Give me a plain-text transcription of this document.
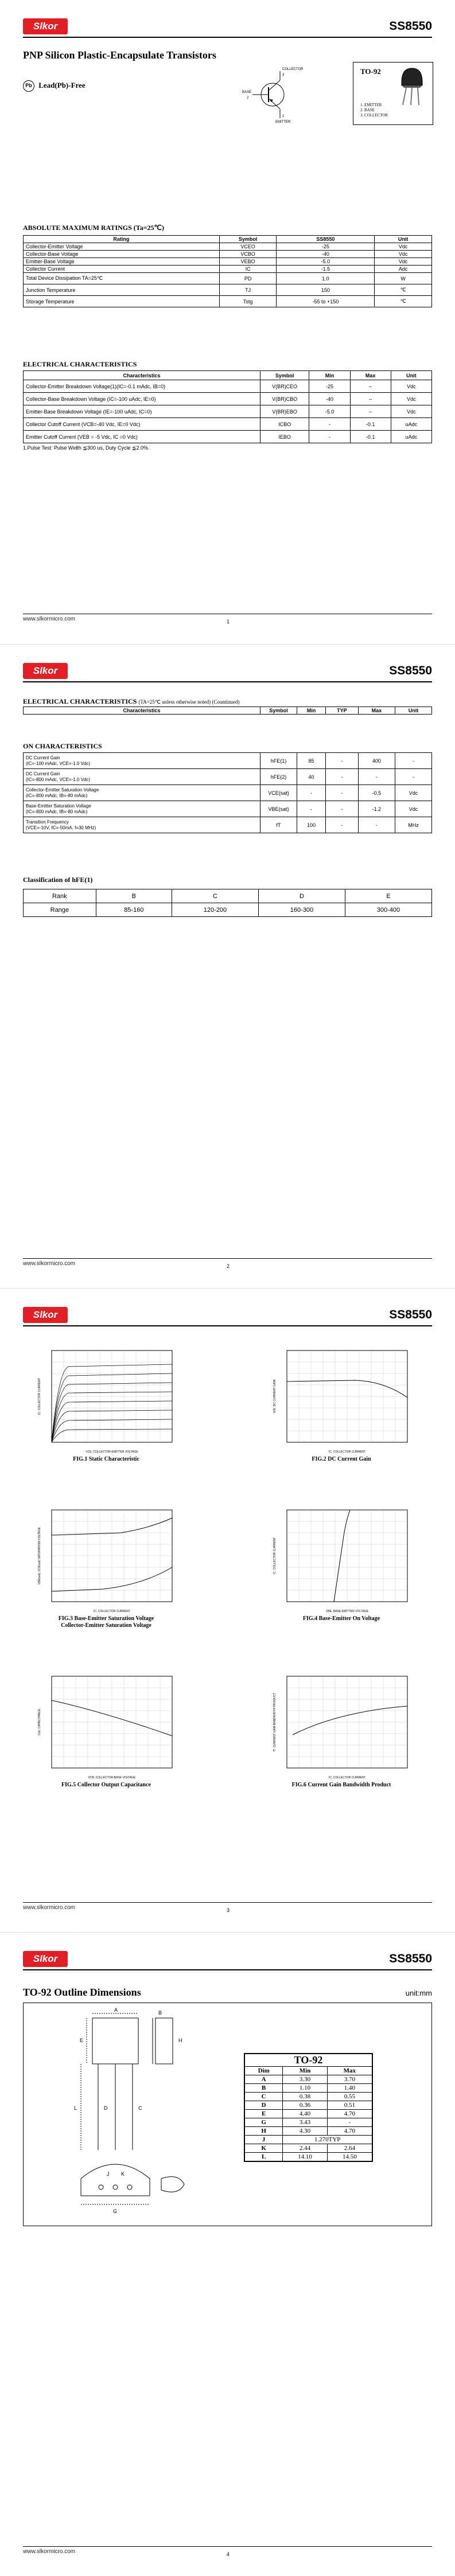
Slkor	SS8550
PNP Silicon Plastic-Encapsulate Transistors
Pb Lead(Pb)-Free
COLLECTOR
3
BASE
2
1
EMITTER
TO-92
1. EMITTER
2. BASE
3. COLLECTOR
ABSOLUTE MAXIMUM RATINGS (Ta=25℃)
Rating	Symbol	SS8550	Unit
Collector-Emitter Voltage	VCEO	-25	Vdc
Collector-Base Voltage	VCBO	-40	Vdc
Emitter-Base Voltage	VEBO	-5.0	Vdc
Collector Current	IC	-1.5	Adc
Total Device Dissipation TA=25℃	PD	1.0	W
Junction Temperature	TJ	150	℃
Storage Temperature	Tstg	-55 to +150	℃
ELECTRICAL CHARACTERISTICS
Characteristics	Symbol	Min	Max	Unit
Collector-Emitter Breakdown Voltage(1)(IC=-0.1 mAdc, IB=0)	V(BR)CEO	-25	--	Vdc
Collector-Base Breakdown Voltage (IC=-100 uAdc, IE=0)	V(BR)CBO	-40	--	Vdc
Emitter-Base Breakdown Voltage (IE=-100 uAdc, IC=0)	V(BR)EBO	-5.0	--	Vdc
Collector Cutoff Current (VCB=-40 Vdc, IE=0 Vdc)	ICBO	-	-0.1	uAdc
Emitter Cutoff Current (VEB = -5 Vdc, IC =0 Vdc)	IEBO	-	-0.1	uAdc
1.Pulse Test: Pulse Width ≦300 us, Duty Cycle ≦2.0%.
www.slkormicro.com	1
Slkor	SS8550
ELECTRICAL CHARACTERISTICS (TA=25℃ unless otherwise noted) (Countinued)
Characteristics	Symbol	Min	TYP	Max	Unit
ON CHARACTERISTICS
DC Current Gain
(IC=-100 mAdc, VCE=-1.0 Vdc)	hFE(1)	85	-	400	-

DC Current Gain
(IC=-800 mAdc, VCE=-1.0 Vdc)	hFE(2)	40	-	-	-

Collector-Emitter Saturation Voltage
(IC=-800 mAdc, IB=-80 mAdc)	VCE(sat)	-	-	-0.5	Vdc

Base-Emitter Saturation Voltage
(IC=-800 mAdc, IB=-80 mAdc)	VBE(sat)	-	-	-1.2	Vdc

Transition Frequency
(VCE=-10V, IC=-50mA, f=30 MHz)	fT	100	-	-	MHz
Classification of hFE(1)
Rank	B	C	D	E
Range	85-160	120-200	160-300	300-400
www.slkormicro.com	2
Slkor	SS8550
VCE, COLLECTOR-EMITTER VOLTAGE
IC, COLLECTOR CURRENT
FIG.1 Static Characteristic
IC, COLLECTOR CURRENT
hFE, DC CURRENT GAIN
FIG.2 DC Current Gain
IC, COLLECTOR CURRENT
VBE(sat), VCE(sat) SATURATION VOLTAGE
FIG.3 Base-Emitter Saturation Voltage
Collector-Emitter Saturation Voltage
VBE, BASE-EMITTER VOLTAGE
IC, COLLECTOR CURRENT
FIG.4 Base-Emitter On Voltage
VCB, COLLECTOR-BASE VOLTAGE
Cob, CAPACITANCE
FIG.5 Collector Output Capacitance
IC, COLLECTOR CURRENT
fT, CURRENT GAIN-BANDWIDTH PRODUCT
FIG.6 Current Gain Bandwidth Product
www.slkormicro.com	3
Slkor	SS8550
TO-92 Outline Dimensions	unit:mm
A	B
C
D
E
G
H
J K
L
TO-92		
Dim	Min	Max
A	3.30	3.70
B	1.10	1.40
C	0.38	0.55
D	0.36	0.51
E	4.40	4.70
G	3.43	-
H	4.30	4.70
J	1.270TYP	
K	2.44	2.64
L	14.10	14.50
www.slkormicro.com	4
